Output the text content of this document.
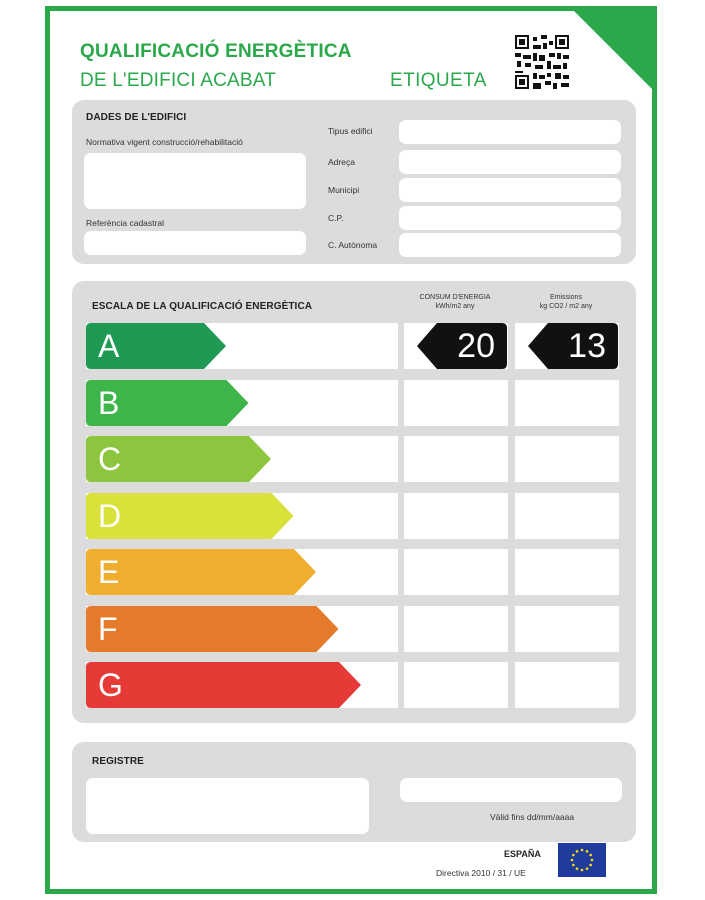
QUALIFICACIÓ ENERGÈTICA
DE L'EDIFICI ACABAT	ETIQUETA
DADES DE L'EDIFICI
Normativa vigent construcció/rehabilitació
Referència cadastral
Tipus edifici
Adreça
Municipi
C.P.
C. Autònoma
ESCALA DE LA QUALIFICACIÓ ENERGÈTICA
CONSUM D'ENERGIA
kWh/m2 any
Emissions
kg CO2 / m2 any
A	20 13
B
C
D
E
F
G
REGISTRE
Vàlid fins dd/mm/aaaa
ESPAÑA
Directiva 2010 / 31 / UE
